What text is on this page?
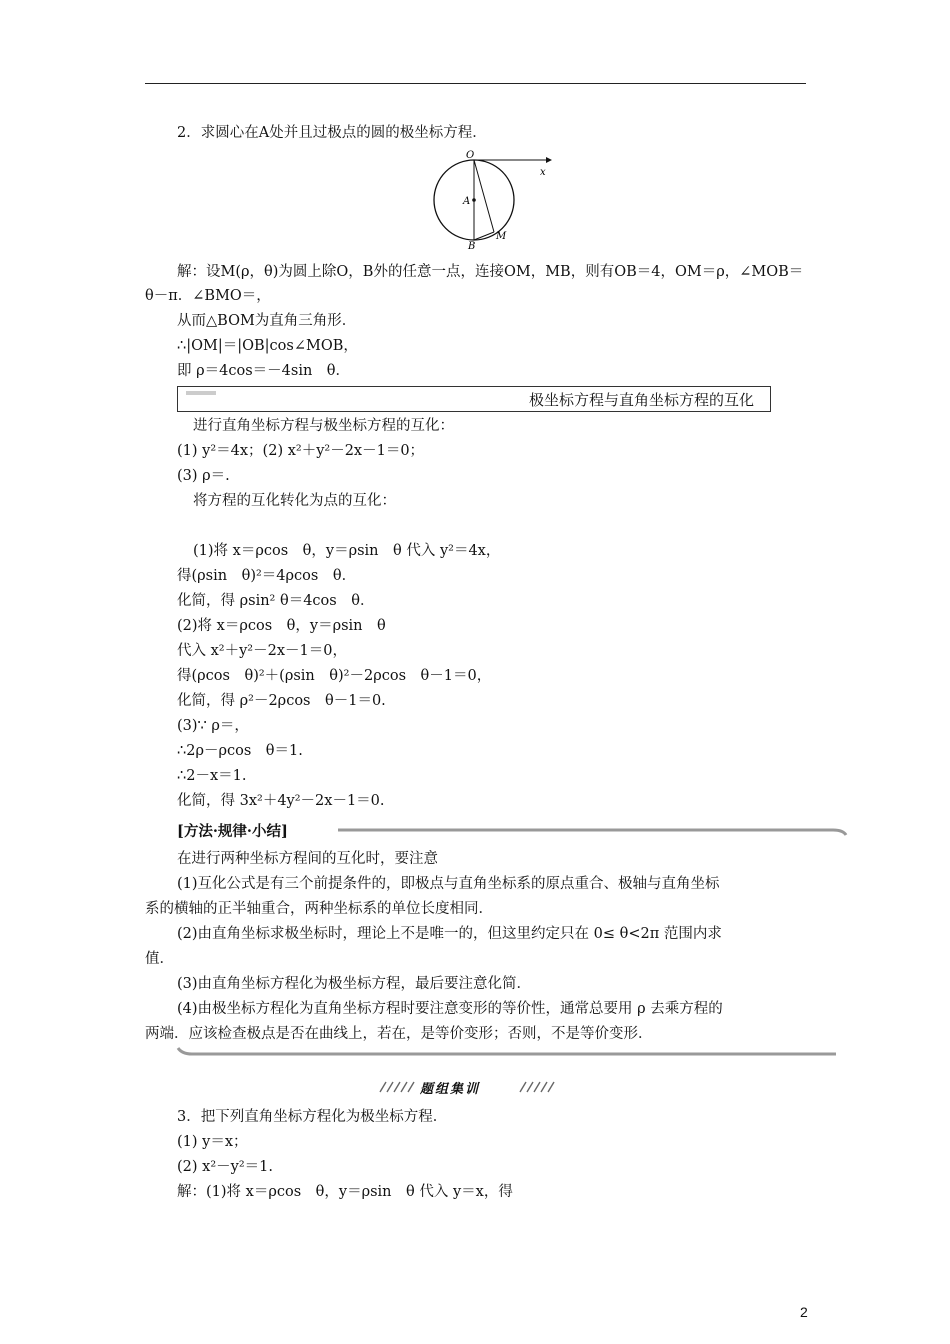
2．求圆心在A处并且过极点的圆的极坐标方程．
O
x
A
B
M
解：设M(ρ，θ)为圆上除O，B外的任意一点，连接OM，MB，则有OB＝4，OM＝ρ，∠MOB＝
θ－π．∠BMO＝，
从而△BOM为直角三角形．
∴|OM|＝|OB|cos∠MOB，
即 ρ＝4cos＝－4sin　θ．
极坐标方程与直角坐标方程的互化
进行直角坐标方程与极坐标方程的互化：
(1) y²＝4x；(2) x²＋y²－2x－1＝0；
(3) ρ＝.
将方程的互化转化为点的互化：
(1)将 x＝ρcos　θ，y＝ρsin　θ 代入 y²＝4x，
得(ρsin　θ)²＝4ρcos　θ．
化简，得 ρsin² θ＝4cos　θ．
(2)将 x＝ρcos　θ，y＝ρsin　θ
代入 x²＋y²－2x－1＝0，
得(ρcos　θ)²＋(ρsin　θ)²－2ρcos　θ－1＝0，
化简，得 ρ²－2ρcos　θ－1＝0.
(3)∵ ρ＝，
∴2ρ－ρcos　θ＝1.
∴2－x＝1.
化简，得 3x²＋4y²－2x－1＝0.
[方法·规律·小结]
在进行两种坐标方程间的互化时，要注意
(1)互化公式是有三个前提条件的，即极点与直角坐标系的原点重合、极轴与直角坐标
系的横轴的正半轴重合，两种坐标系的单位长度相同．
(2)由直角坐标求极坐标时，理论上不是唯一的，但这里约定只在 0≤ θ<2π 范围内求
值．
(3)由直角坐标方程化为极坐标方程，最后要注意化简．
(4)由极坐标方程化为直角坐标方程时要注意变形的等价性，通常总要用 ρ 去乘方程的
两端．应该检查极点是否在曲线上，若在，是等价变形；否则，不是等价变形．
题组集训
3．把下列直角坐标方程化为极坐标方程．
(1) y＝x；
(2) x²－y²＝1.
解：(1)将 x＝ρcos　θ，y＝ρsin　θ 代入 y＝x，得
2
